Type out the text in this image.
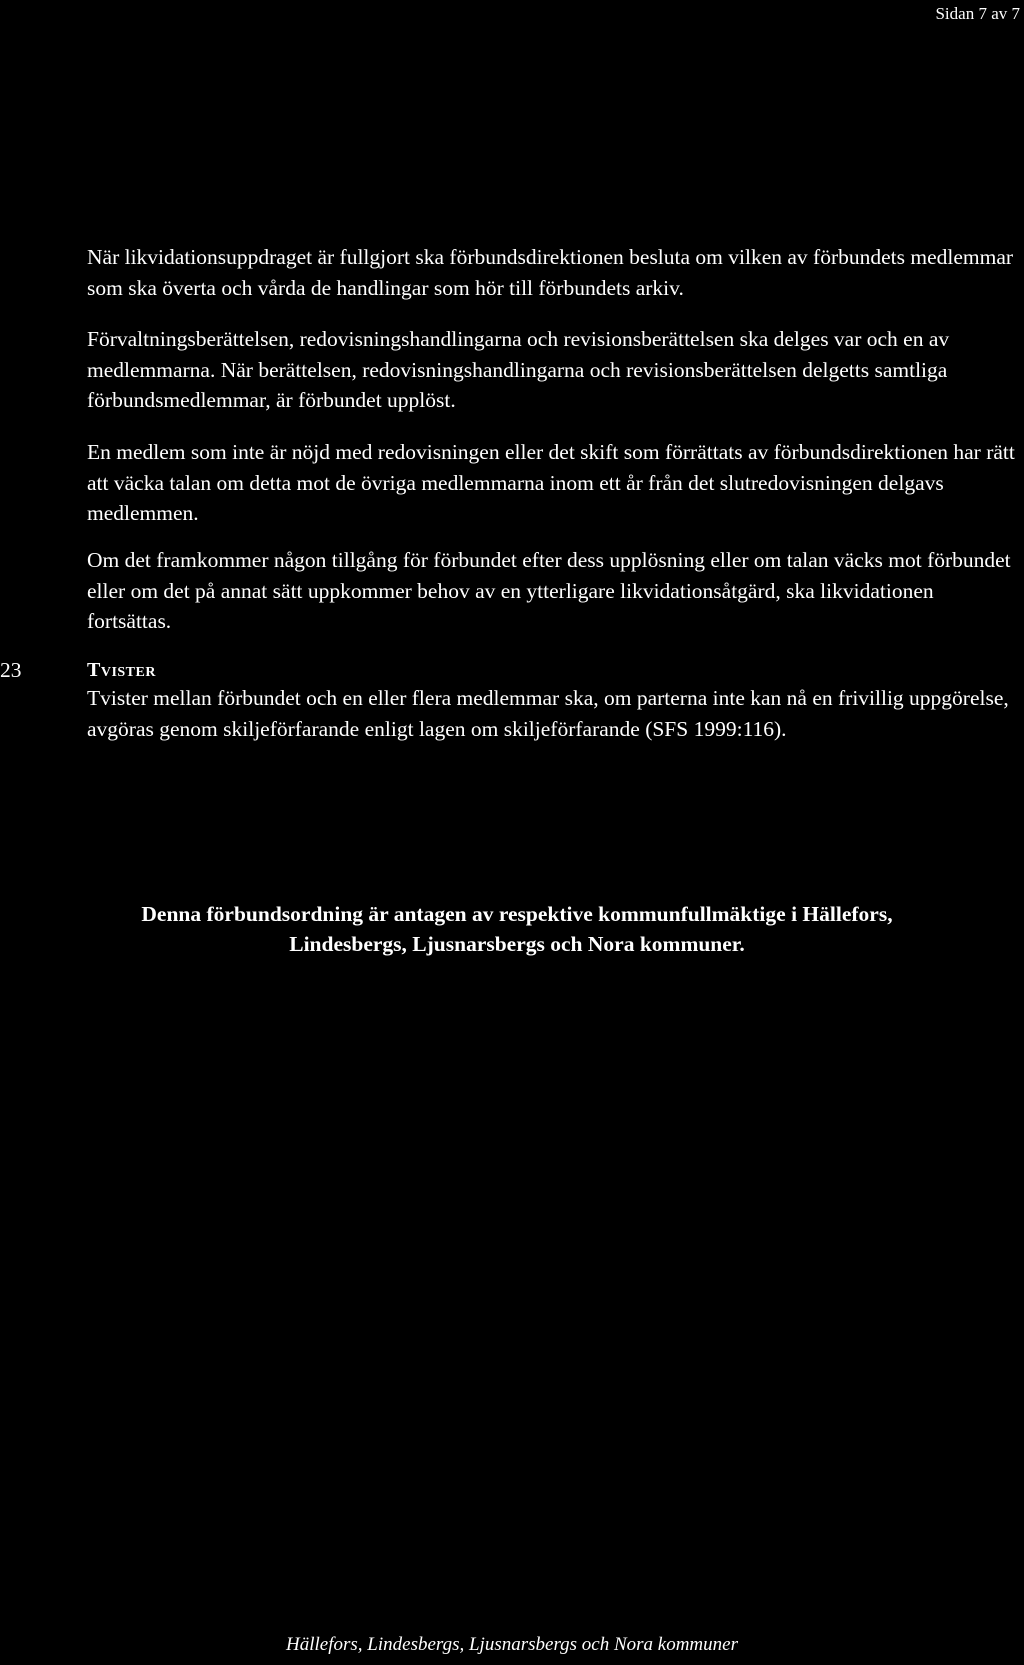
Sidan 7 av 7

När likvidationsuppdraget är fullgjort ska förbundsdirektionen besluta om vilken av förbundets medlemmar som ska överta och vårda de handlingar som hör till förbundets arkiv.

Förvaltningsberättelsen, redovisningshandlingarna och revisionsberättelsen ska delges var och en av medlemmarna. När berättelsen, redovisningshandlingarna och revisionsberättelsen delgetts samtliga förbundsmedlemmar, är förbundet upplöst.

En medlem som inte är nöjd med redovisningen eller det skift som förrättats av förbundsdirektionen har rätt att väcka talan om detta mot de övriga medlemmarna inom ett år från det slutredovisningen delgavs medlemmen.

Om det framkommer någon tillgång för förbundet efter dess upplösning eller om talan väcks mot förbundet eller om det på annat sätt uppkommer behov av en ytterligare likvidationsåtgärd, ska likvidationen fortsättas.

23	Tvister

Tvister mellan förbundet och en eller flera medlemmar ska, om parterna inte kan nå en frivillig uppgörelse, avgöras genom skiljeförfarande enligt lagen om skiljeförfarande (SFS 1999:116).

Denna förbundsordning är antagen av respektive kommunfullmäktige i Hällefors, Lindesbergs, Ljusnarsbergs och Nora kommuner.

Hällefors, Lindesbergs, Ljusnarsbergs och Nora kommuner
